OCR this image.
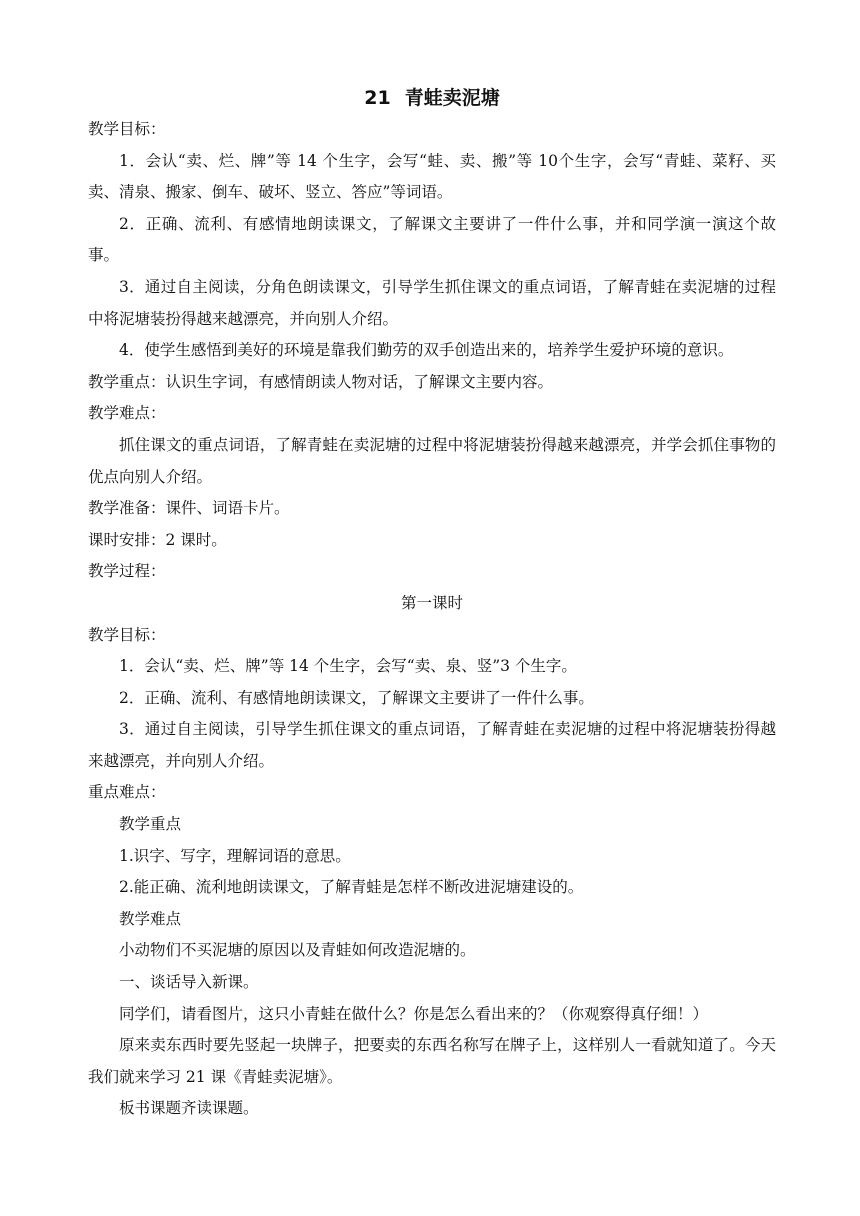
21 青蛙卖泥塘

教学目标：

1．会认“卖、烂、牌”等 14 个生字，会写“蛙、卖、搬”等 10个生字，会写“青蛙、菜籽、买卖、清泉、搬家、倒车、破坏、竖立、答应”等词语。

2．正确、流利、有感情地朗读课文，了解课文主要讲了一件什么事，并和同学演一演这个故事。

3．通过自主阅读，分角色朗读课文，引导学生抓住课文的重点词语，了解青蛙在卖泥塘的过程中将泥塘装扮得越来越漂亮，并向别人介绍。

4．使学生感悟到美好的环境是靠我们勤劳的双手创造出来的，培养学生爱护环境的意识。

教学重点：认识生字词，有感情朗读人物对话，了解课文主要内容。

教学难点：

抓住课文的重点词语，了解青蛙在卖泥塘的过程中将泥塘装扮得越来越漂亮，并学会抓住事物的优点向别人介绍。

教学准备：课件、词语卡片。

课时安排：2 课时。

教学过程：

第一课时

教学目标：

1．会认“卖、烂、牌”等 14 个生字，会写“卖、泉、竖”3 个生字。

2．正确、流利、有感情地朗读课文，了解课文主要讲了一件什么事。

3．通过自主阅读，引导学生抓住课文的重点词语，了解青蛙在卖泥塘的过程中将泥塘装扮得越来越漂亮，并向别人介绍。

重点难点：

教学重点

1.识字、写字，理解词语的意思。

2.能正确、流利地朗读课文，了解青蛙是怎样不断改进泥塘建设的。

教学难点

小动物们不买泥塘的原因以及青蛙如何改造泥塘的。

一、谈话导入新课。

同学们，请看图片，这只小青蛙在做什么？你是怎么看出来的？（你观察得真仔细！）

原来卖东西时要先竖起一块牌子，把要卖的东西名称写在牌子上，这样别人一看就知道了。今天我们就来学习 21 课《青蛙卖泥塘》。

板书课题齐读课题。
